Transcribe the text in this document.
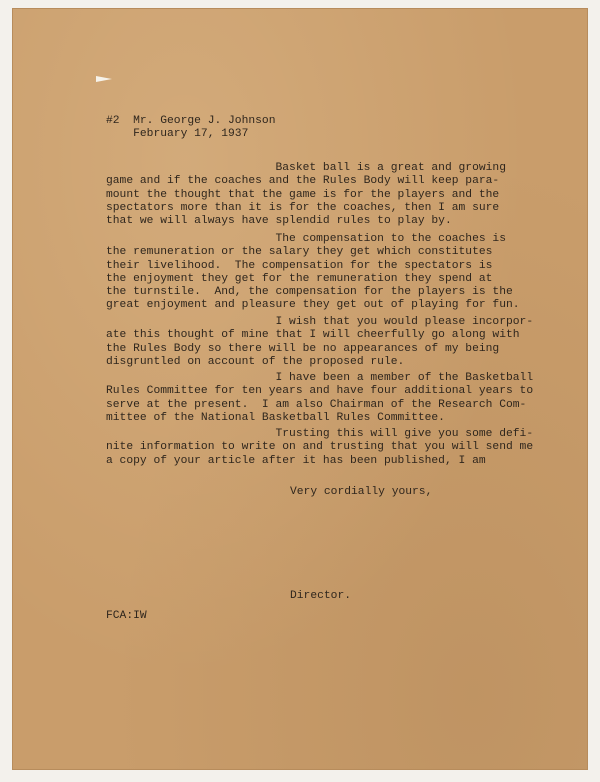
#2  Mr. George J. Johnson
February 17, 1937
Basket ball is a great and growing
game and if the coaches and the Rules Body will keep para-
mount the thought that the game is for the players and the
spectators more than it is for the coaches, then I am sure
that we will always have splendid rules to play by.
The compensation to the coaches is
the remuneration or the salary they get which constitutes
their livelihood.  The compensation for the spectators is
the enjoyment they get for the remuneration they spend at
the turnstile.  And, the compensation for the players is the
great enjoyment and pleasure they get out of playing for fun.
I wish that you would please incorpor-
ate this thought of mine that I will cheerfully go along with
the Rules Body so there will be no appearances of my being
disgruntled on account of the proposed rule.
I have been a member of the Basketball
Rules Committee for ten years and have four additional years to
serve at the present.  I am also Chairman of the Research Com-
mittee of the National Basketball Rules Committee.
Trusting this will give you some defi-
nite information to write on and trusting that you will send me
a copy of your article after it has been published, I am
Very cordially yours,
Director.
FCA:IW
